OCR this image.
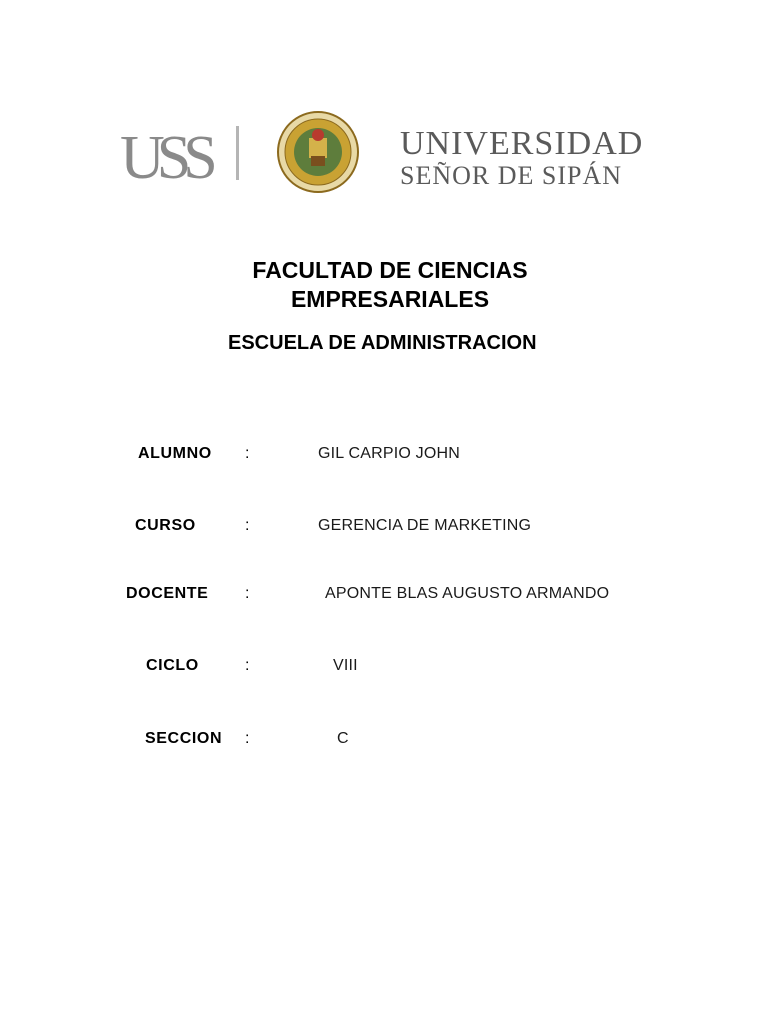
USS	UNIVERSIDAD
SEÑOR DE SIPÁN
FACULTAD DE CIENCIAS
EMPRESARIALES
ESCUELA DE ADMINISTRACION
ALUMNO :	GIL CARPIO JOHN
CURSO	:	GERENCIA DE MARKETING
DOCENTE :	APONTE BLAS AUGUSTO ARMANDO
CICLO	:	VIII
SECCION :	C
